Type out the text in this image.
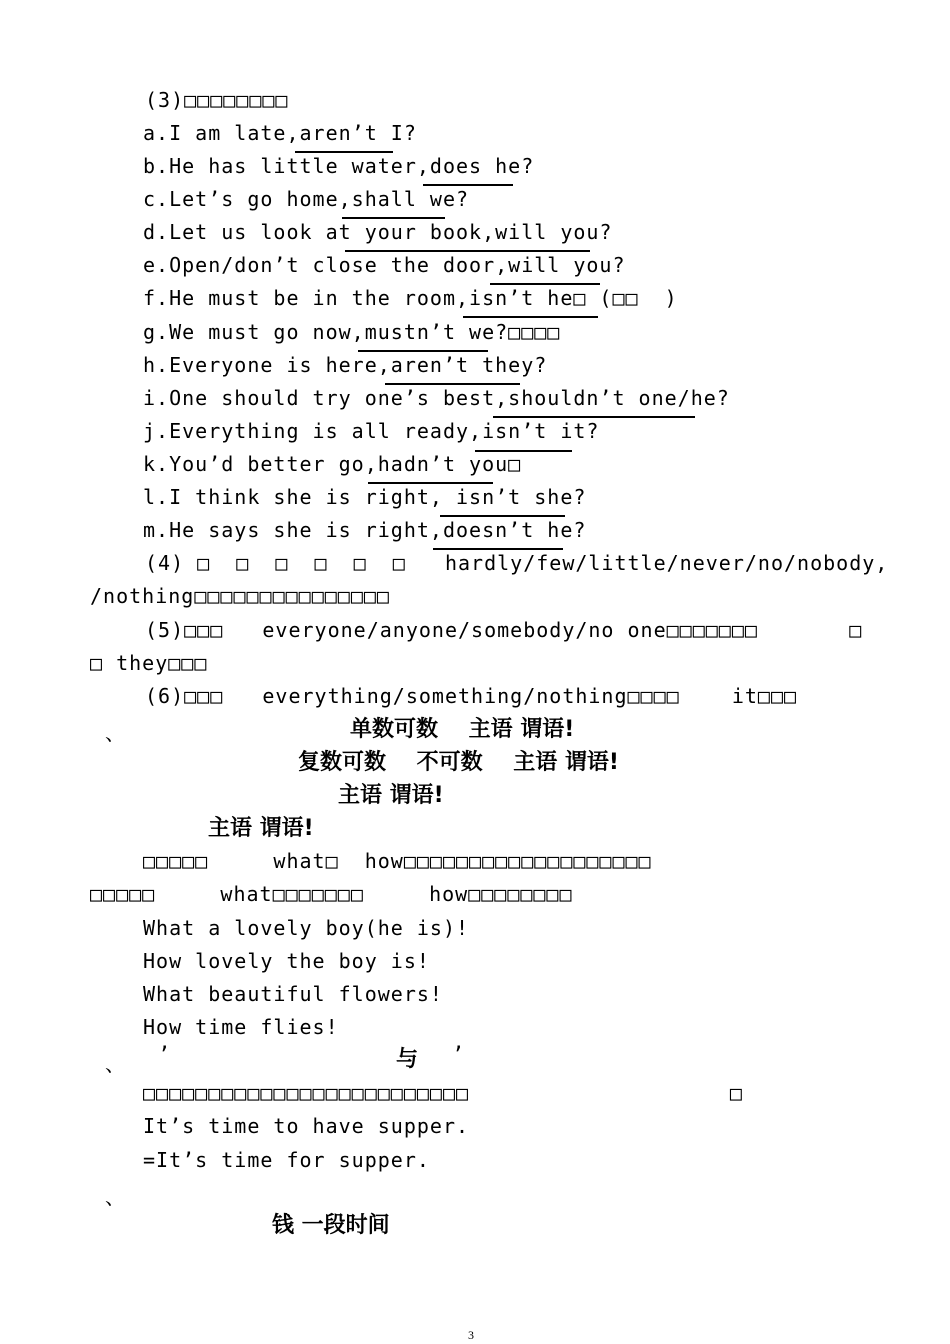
(3)□□□□□□□□
a.I am late,aren’t I?
b.He has little water,does he?
c.Let’s go home,shall we?
d.Let us look at your book,will you?
e.Open/don’t close the door,will you?
f.He must be in the room,isn’t he□ (□□  )
g.We must go now,mustn’t we?□□□□
h.Everyone is here,aren’t they?
i.One should try one’s best,shouldn’t one/he?
j.Everything is all ready,isn’t it?
k.You’d better go,hadn’t you□
l.I think she is right, isn’t she?
m.He says she is right,doesn’t he?
(4) □  □  □  □  □  □   hardly/few/little/never/no/nobody,
/nothing□□□□□□□□□□□□□□□
(5)□□□   everyone/anyone/somebody/no one□□□□□□□       □
□ they□□□
(6)□□□   everything/something/nothing□□□□    it□□□
、	单数可数    主语 谓语!
复数可数    不可数    主语 谓语!
主语 谓语!
主语 谓语!
□□□□□     what□  how□□□□□□□□□□□□□□□□□□□
□□□□□     what□□□□□□□     how□□□□□□□□
What a lovely boy(he is)!
How lovely the boy is!
What beautiful flowers!
How time flies!
、 ’	与 ’
□□□□□□□□□□□□□□□□□□□□□□□□□                    □
It’s time to have supper.
=It’s time for supper.
、
钱 一段时间
3
